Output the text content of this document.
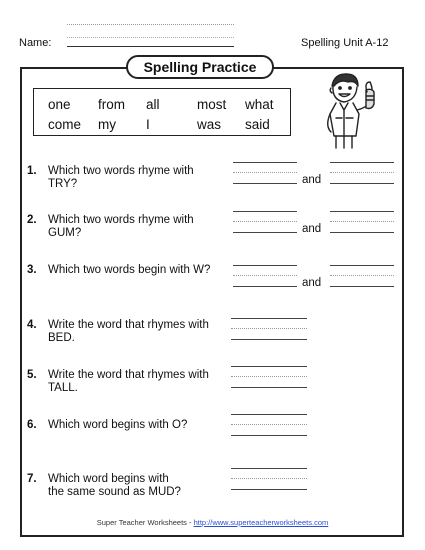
Name:	Spelling Unit A-12
Spelling Practice
one from all	most what
come my I	was said
1. Which two words rhyme with
TRY?	and
2. Which two words rhyme with
GUM?	and
3. Which two words begin with W?
and
4. Write the word that rhymes with
BED.
5. Write the word that rhymes with
TALL.
6. Which word begins with O?
7. Which word begins with
the same sound as MUD?
Super Teacher Worksheets - http://www.superteacherworksheets.com
